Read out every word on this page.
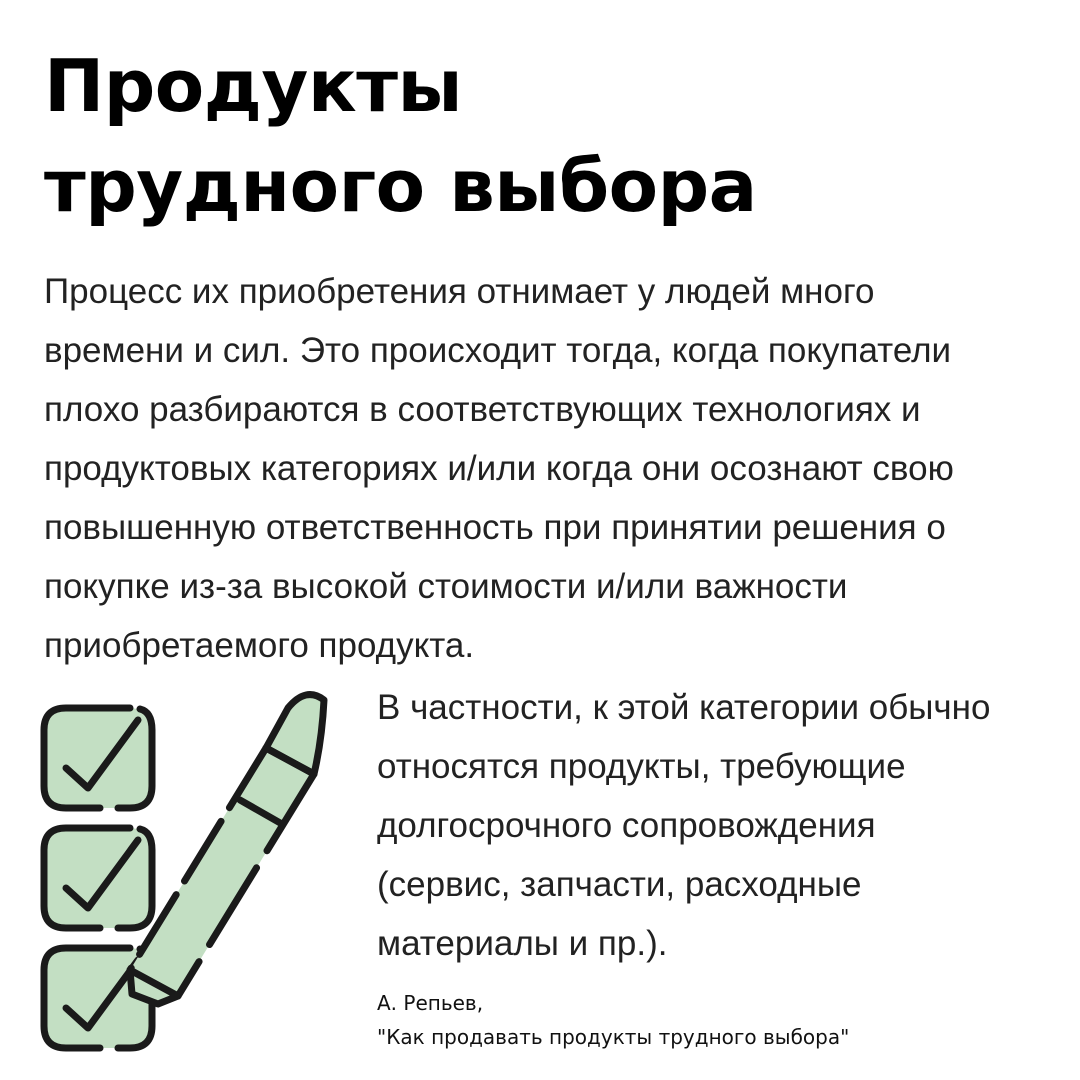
Продукты
трудного выбора

Процесс их приобретения отнимает у людей много
времени и сил. Это происходит тогда, когда покупатели
плохо разбираются в соответствующих технологиях и
продуктовых категориях и/или когда они осознают свою
повышенную ответственность при принятии решения о
покупке из-за высокой стоимости и/или важности
приобретаемого продукта.

В частности, к этой категории обычно
относятся продукты, требующие
долгосрочного сопровождения
(сервис, запчасти, расходные
материалы и пр.).

А. Репьев,
"Как продавать продукты трудного выбора"
